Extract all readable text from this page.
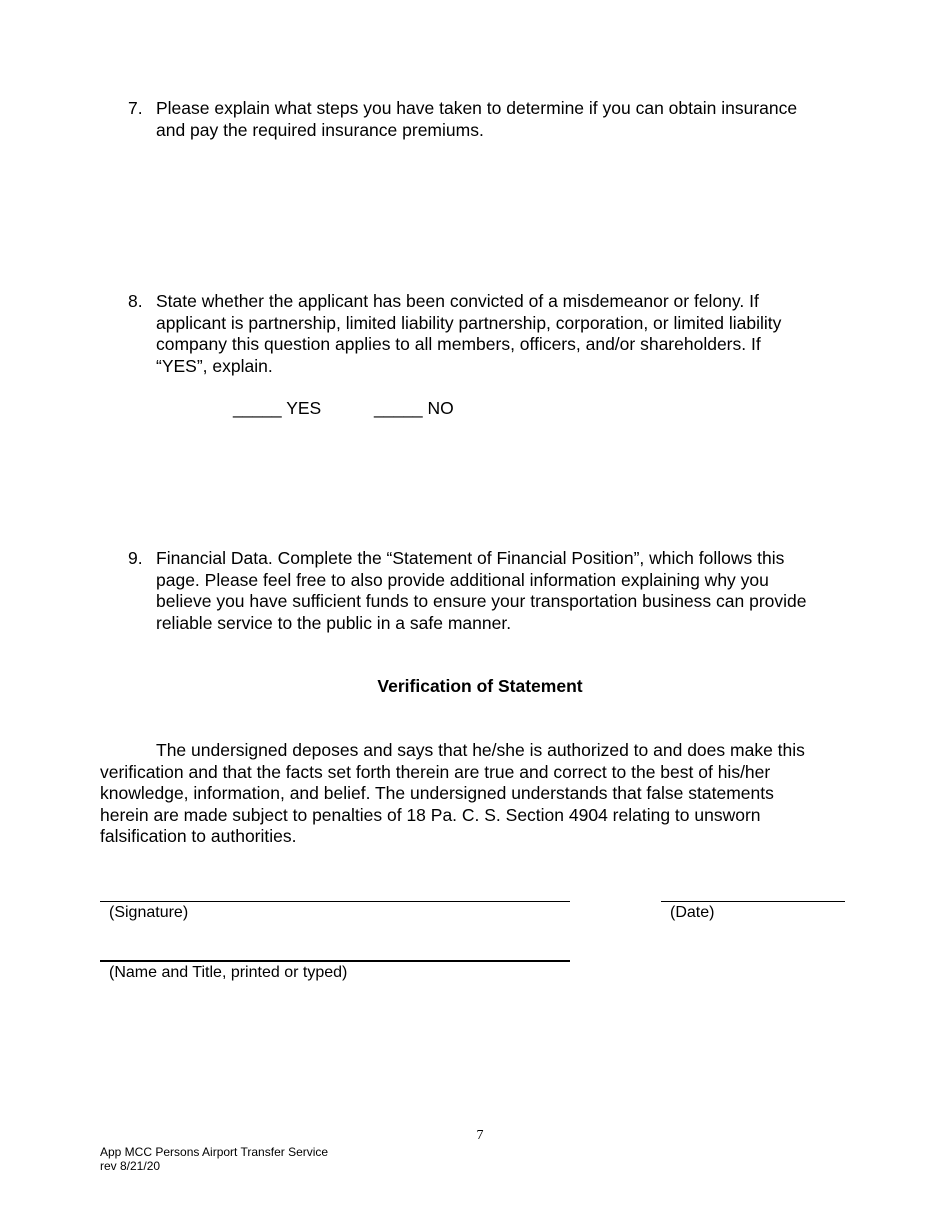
7. Please explain what steps you have taken to determine if you can obtain insurance
and pay the required insurance premiums.
8. State whether the applicant has been convicted of a misdemeanor or felony. If
applicant is partnership, limited liability partnership, corporation, or limited liability
company this question applies to all members, officers, and/or shareholders. If
“YES”, explain.
_____ YES	_____ NO
9. Financial Data. Complete the “Statement of Financial Position”, which follows this
page. Please feel free to also provide additional information explaining why you
believe you have sufficient funds to ensure your transportation business can provide
reliable service to the public in a safe manner.
Verification of Statement
The undersigned deposes and says that he/she is authorized to and does make this
verification and that the facts set forth therein are true and correct to the best of his/her
knowledge, information, and belief. The undersigned understands that false statements
herein are made subject to penalties of 18 Pa. C. S. Section 4904 relating to unsworn
falsification to authorities.
(Signature)	(Date)
(Name and Title, printed or typed)
7
App MCC Persons Airport Transfer Service
rev 8/21/20
